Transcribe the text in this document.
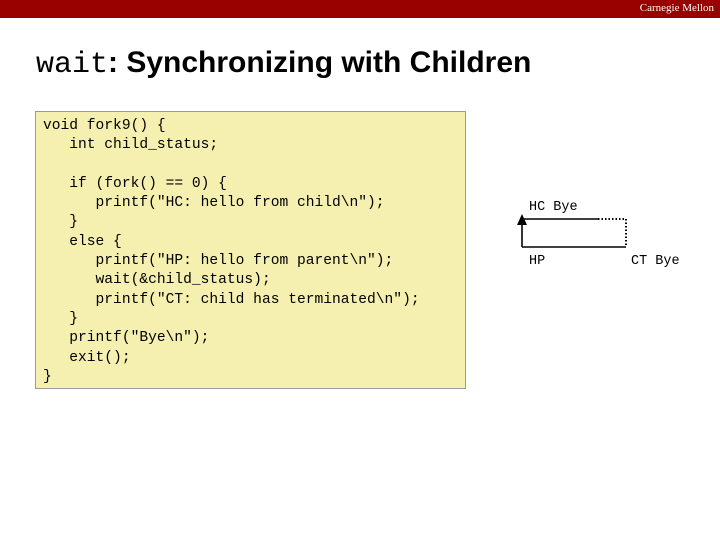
Carnegie Mellon
wait: Synchronizing with Children
void fork9() {
int child_status;

if (fork() == 0) {
printf("HC: hello from child\n");
}
else {
printf("HP: hello from parent\n");
wait(&child_status);
printf("CT: child has terminated\n");
}
printf("Bye\n");
exit();
}
HC Bye
HP	CT Bye
